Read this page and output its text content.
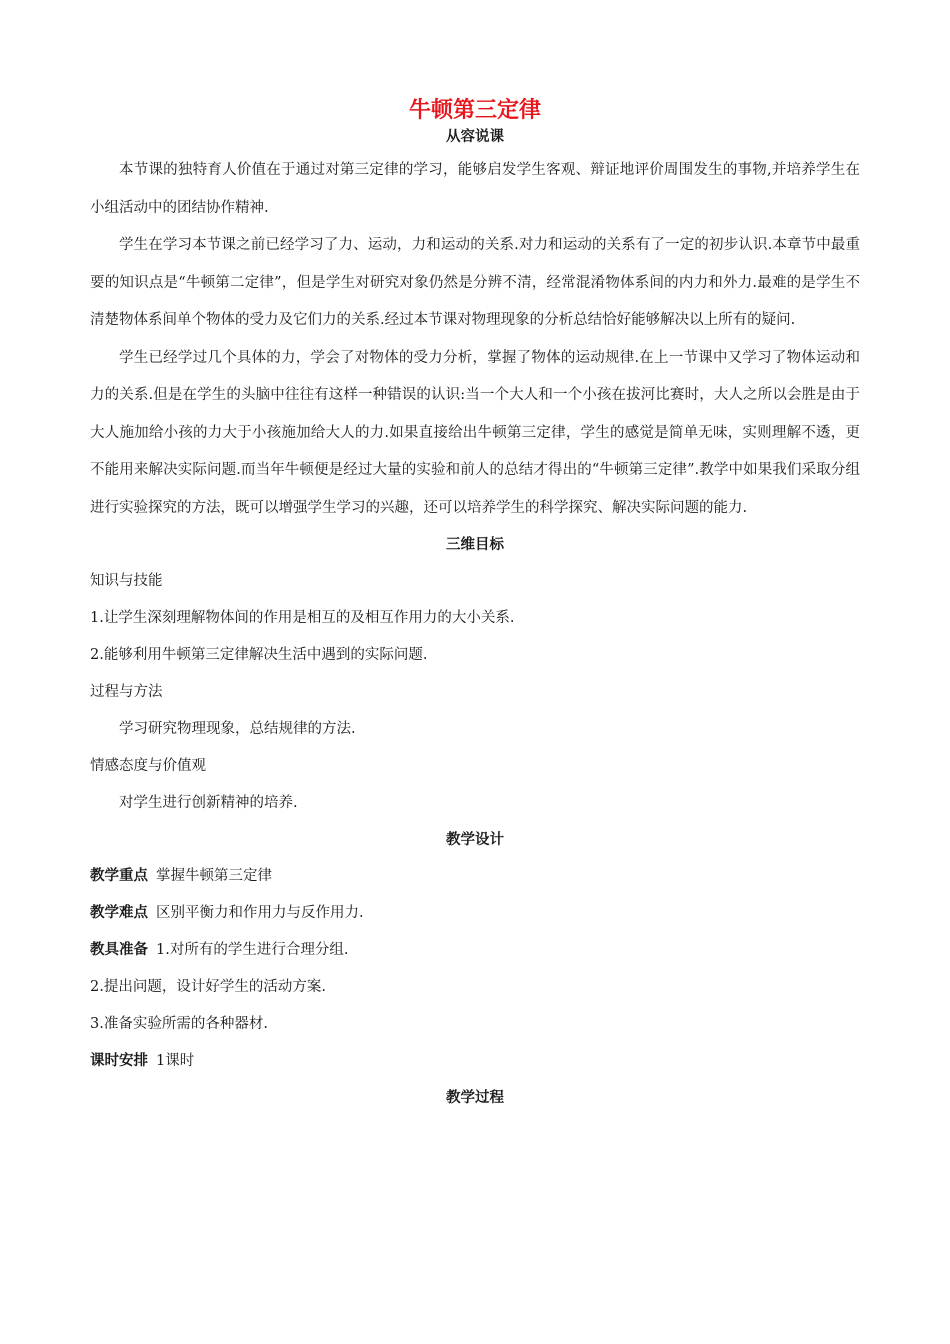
牛顿第三定律
从容说课

本节课的独特育人价值在于通过对第三定律的学习，能够启发学生客观、辩证地评价周围发生的事物,并培养学生在小组活动中的团结协作精神.

学生在学习本节课之前已经学习了力、运动，力和运动的关系.对力和运动的关系有了一定的初步认识.本章节中最重要的知识点是“牛顿第二定律”，但是学生对研究对象仍然是分辨不清，经常混淆物体系间的内力和外力.最难的是学生不清楚物体系间单个物体的受力及它们力的关系.经过本节课对物理现象的分析总结恰好能够解决以上所有的疑问.

学生已经学过几个具体的力，学会了对物体的受力分析，掌握了物体的运动规律.在上一节课中又学习了物体运动和力的关系.但是在学生的头脑中往往有这样一种错误的认识:当一个大人和一个小孩在拔河比赛时，大人之所以会胜是由于大人施加给小孩的力大于小孩施加给大人的力.如果直接给出牛顿第三定律，学生的感觉是简单无味，实则理解不透，更不能用来解决实际问题.而当年牛顿便是经过大量的实验和前人的总结才得出的“牛顿第三定律”.教学中如果我们采取分组进行实验探究的方法，既可以增强学生学习的兴趣，还可以培养学生的科学探究、解决实际问题的能力.

三维目标
知识与技能
1.让学生深刻理解物体间的作用是相互的及相互作用力的大小关系.
2.能够利用牛顿第三定律解决生活中遇到的实际问题.
过程与方法
学习研究物理现象，总结规律的方法.
情感态度与价值观
对学生进行创新精神的培养.
教学设计
教学重点 掌握牛顿第三定律
教学难点 区别平衡力和作用力与反作用力.
教具准备 1.对所有的学生进行合理分组.
2.提出问题，设计好学生的活动方案.
3.准备实验所需的各种器材.
课时安排 1课时
教学过程
